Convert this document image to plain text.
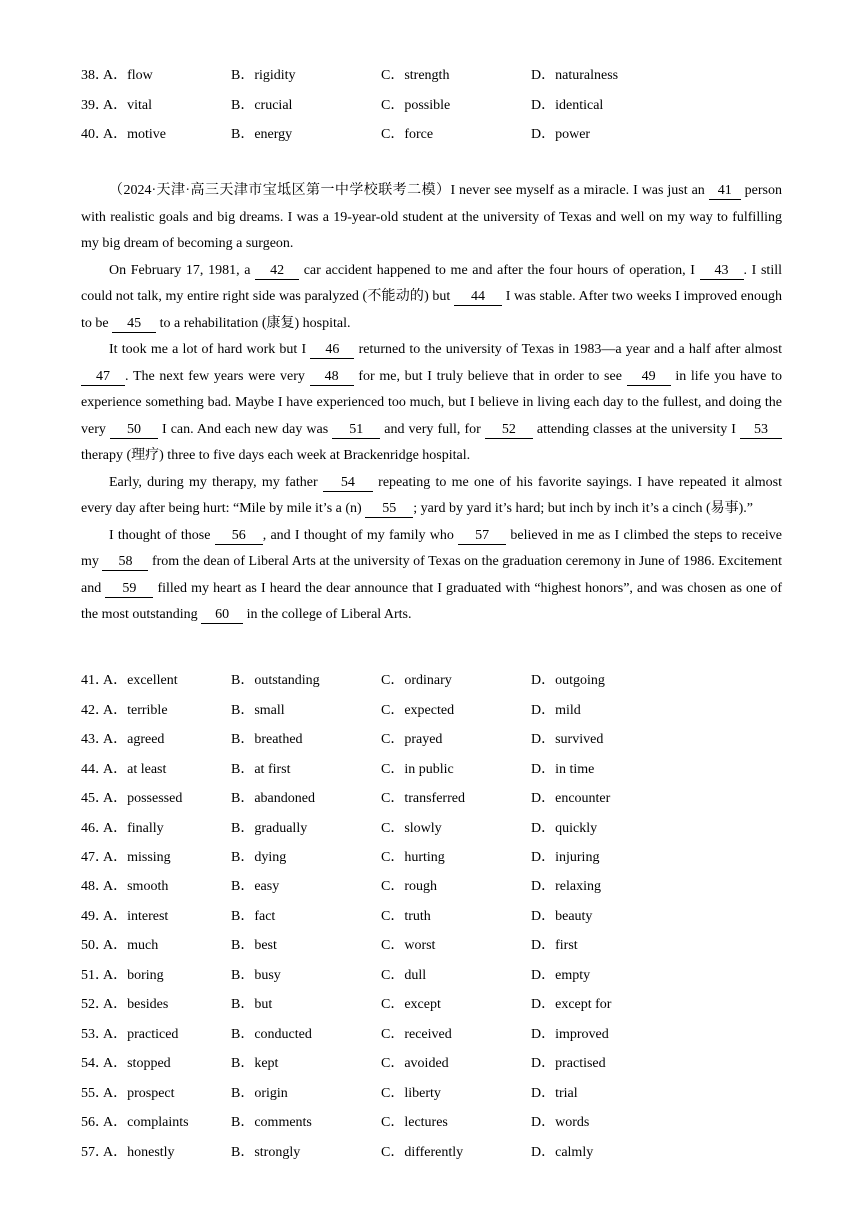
38．
A．flow	B．rigidity	C．strength	D．naturalness
39．
A．vital	B．crucial	C．possible	D．identical
40．
A．motive	B．energy	C．force	D．power

（2024·天津·高三天津市宝坻区第一中学校联考二模）I never see myself as a miracle. I was just an 41 person with realistic goals and big dreams. I was a 19-year-old student at the university of Texas and well on my way to fulfilling my big dream of becoming a surgeon.

On February 17, 1981, a 42 car accident happened to me and after the four hours of operation, I 43 . I still could not talk, my entire right side was paralyzed (不能动的) but 44 I was stable. After two weeks I improved enough to be 45 to a rehabilitation (康复) hospital.

It took me a lot of hard work but I 46 returned to the university of Texas in 1983—a year and a half after almost 47 . The next few years were very 48 for me, but I truly believe that in order to see 49 in life you have to experience something bad. Maybe I have experienced too much, but I believe in living each day to the fullest, and doing the very 50 I can. And each new day was 51 and very full, for 52 attending classes at the university I 53 therapy (理疗) three to five days each week at Brackenridge hospital.

Early, during my therapy, my father 54 repeating to me one of his favorite sayings. I have repeated it almost every day after being hurt: “Mile by mile it’s a (n) 55 ; yard by yard it’s hard; but inch by inch it’s a cinch (易事).”

I thought of those 56 , and I thought of my family who 57 believed in me as I climbed the steps to receive my 58 from the dean of Liberal Arts at the university of Texas on the graduation ceremony in June of 1986. Excitement and 59 filled my heart as I heard the dear announce that I graduated with “highest honors”, and was chosen as one of the most outstanding 60 in the college of Liberal Arts.

41．
A．excellent	B．outstanding	C．ordinary	D．outgoing
42．
A．terrible	B．small	C．expected	D．mild
43．
A．agreed	B．breathed	C．prayed	D．survived
44．
A．at least	B．at first	C．in public	D．in time
45．
A．possessed	B．abandoned	C．transferred	D．encounter
46．
A．finally	B．gradually	C．slowly	D．quickly
47．
A．missing	B．dying	C．hurting	D．injuring
48．
A．smooth	B．easy	C．rough	D．relaxing
49．
A．interest	B．fact	C．truth	D．beauty
50．
A．much	B．best	C．worst	D．first
51．
A．boring	B．busy	C．dull	D．empty
52．
A．besides	B．but	C．except	D．except for
53．
A．practiced	B．conducted	C．received	D．improved
54．
A．stopped	B．kept	C．avoided	D．practised
55．
A．prospect	B．origin	C．liberty	D．trial
56．
A．complaints	B．comments	C．lectures	D．words
57．
A．honestly	B．strongly	C．differently	D．calmly
